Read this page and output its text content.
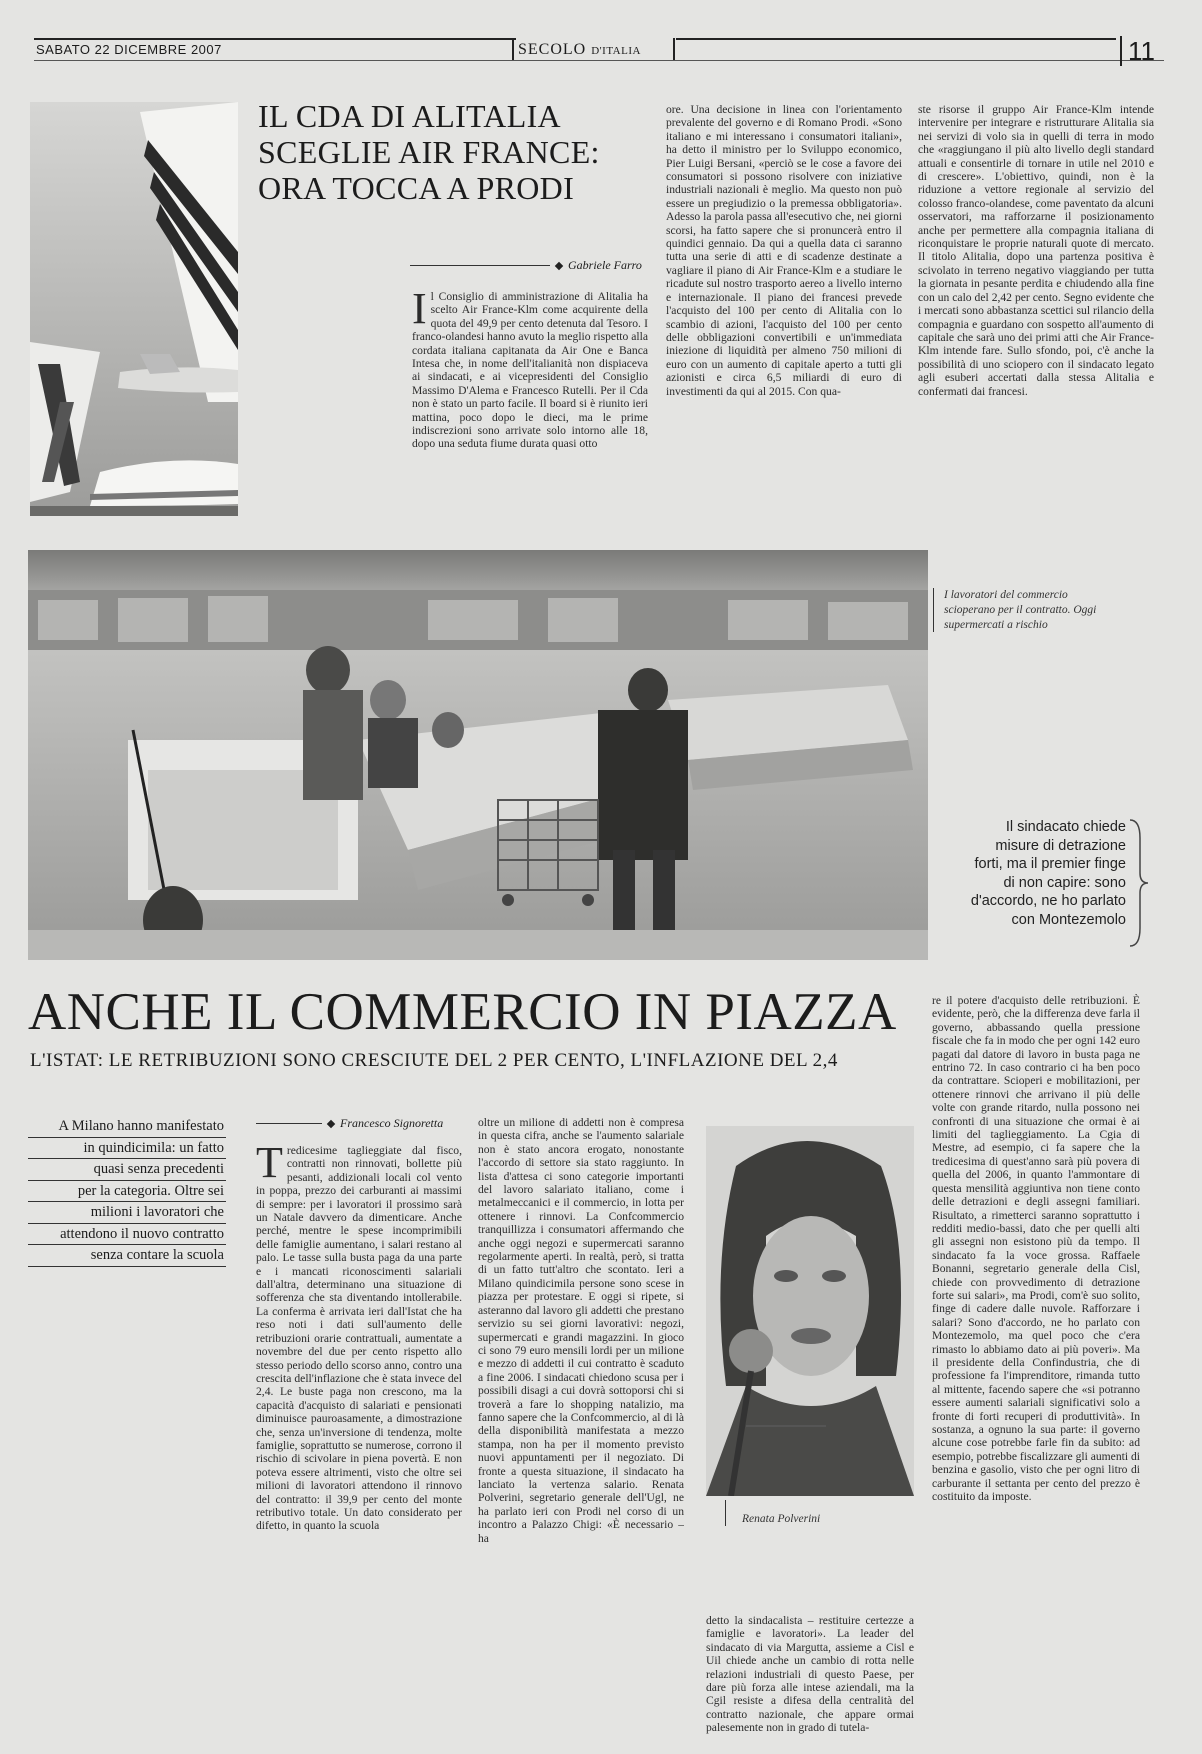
SABATO 22 DICEMBRE 2007	SECOLO D'ITALIA	11
IL CDA DI ALITALIA
SCEGLIE AIR FRANCE:
ORA TOCCA A PRODI
Gabriele Farro
Il Consiglio di amministrazione di Alitalia ha scelto Air France-Klm come acquirente della quota del 49,9 per cento detenuta dal Tesoro. I franco-olandesi hanno avuto la meglio rispetto alla cordata italiana capitanata da Air One e Banca Intesa che, in nome dell'italianità non dispiaceva ai sindacati, e ai vicepresidenti del Consiglio Massimo D'Alema e Francesco Rutelli. Per il Cda non è stato un parto facile. Il board si è riunito ieri mattina, poco dopo le dieci, ma le prime indiscrezioni sono arrivate solo intorno alle 18, dopo una seduta fiume durata quasi otto
ore. Una decisione in linea con l'orientamento prevalente del governo e di Romano Prodi. «Sono italiano e mi interessano i consumatori italiani», ha detto il ministro per lo Sviluppo economico, Pier Luigi Bersani, «perciò se le cose a favore dei consumatori si possono risolvere con iniziative industriali nazionali è meglio. Ma questo non può essere un pregiudizio o la premessa obbligatoria». Adesso la parola passa all'esecutivo che, nei giorni scorsi, ha fatto sapere che si pronuncerà entro il quindici gennaio. Da qui a quella data ci saranno tutta una serie di atti e di scadenze destinate a vagliare il piano di Air France-Klm e a studiare le ricadute sul nostro trasporto aereo a livello interno e internazionale. Il piano dei francesi prevede l'acquisto del 100 per cento di Alitalia con lo scambio di azioni, l'acquisto del 100 per cento delle obbligazioni convertibili e un'immediata iniezione di liquidità per almeno 750 milioni di euro con un aumento di capitale aperto a tutti gli azionisti e circa 6,5 miliardi di euro di investimenti da qui al 2015. Con qua-
ste risorse il gruppo Air France-Klm intende intervenire per integrare e ristrutturare Alitalia sia nei servizi di volo sia in quelli di terra in modo che «raggiungano il più alto livello degli standard attuali e consentirle di tornare in utile nel 2010 e di crescere». L'obiettivo, quindi, non è la riduzione a vettore regionale al servizio del colosso franco-olandese, come paventato da alcuni osservatori, ma rafforzarne il posizionamento anche per permettere alla compagnia italiana di riconquistare le proprie naturali quote di mercato. Il titolo Alitalia, dopo una partenza positiva è scivolato in terreno negativo viaggiando per tutta la giornata in pesante perdita e chiudendo alla fine con un calo del 2,42 per cento. Segno evidente che i mercati sono abbastanza scettici sul rilancio della compagnia e guardano con sospetto all'aumento di capitale che sarà uno dei primi atti che Air France-Klm intende fare. Sullo sfondo, poi, c'è anche la possibilità di uno sciopero con il sindacato legato agli esuberi accertati dalla stessa Alitalia e confermati dai francesi.
I lavoratori del commercio scioperano per il contratto. Oggi supermercati a rischio
Il sindacato chiede
misure di detrazione
forti, ma il premier finge
di non capire: sono
d'accordo, ne ho parlato
con Montezemolo
ANCHE IL COMMERCIO IN PIAZZA
L'ISTAT: LE RETRIBUZIONI SONO CRESCIUTE DEL 2 PER CENTO, L'INFLAZIONE DEL 2,4
A Milano hanno manifestato
in quindicimila: un fatto
quasi senza precedenti
per la categoria. Oltre sei
milioni i lavoratori che
attendono il nuovo contratto
senza contare la scuola
Francesco Signoretta
Tredicesime taglieggiate dal fisco, contratti non rinnovati, bollette più pesanti, addizionali locali col vento in poppa, prezzo dei carburanti ai massimi di sempre: per i lavoratori il prossimo sarà un Natale davvero da dimenticare. Anche perché, mentre le spese incomprimibili delle famiglie aumentano, i salari restano al palo. Le tasse sulla busta paga da una parte e i mancati riconoscimenti salariali dall'altra, determinano una situazione di sofferenza che sta diventando intollerabile. La conferma è arrivata ieri dall'Istat che ha reso noti i dati sull'aumento delle retribuzioni orarie contrattuali, aumentate a novembre del due per cento rispetto allo stesso periodo dello scorso anno, contro una crescita dell'inflazione che è stata invece del 2,4. Le buste paga non crescono, ma la capacità d'acquisto di salariati e pensionati diminuisce pauroasamente, a dimostrazione che, senza un'inversione di tendenza, molte famiglie, soprattutto se numerose, corrono il rischio di scivolare in piena povertà. E non poteva essere altrimenti, visto che oltre sei milioni di lavoratori attendono il rinnovo del contratto: il 39,9 per cento del monte retributivo totale. Un dato considerato per difetto, in quanto la scuola
oltre un milione di addetti non è compresa in questa cifra, anche se l'aumento salariale non è stato ancora erogato, nonostante l'accordo di settore sia stato raggiunto. In lista d'attesa ci sono categorie importanti del lavoro salariato italiano, come i metalmeccanici e il commercio, in lotta per ottenere i rinnovi. La Confcommercio tranquillizza i consumatori affermando che anche oggi negozi e supermercati saranno regolarmente aperti. In realtà, però, si tratta di un fatto tutt'altro che scontato. Ieri a Milano quindicimila persone sono scese in piazza per protestare. E oggi si ripete, si asteranno dal lavoro gli addetti che prestano servizio su sei giorni lavorativi: negozi, supermercati e grandi magazzini. In gioco ci sono 79 euro mensili lordi per un milione e mezzo di addetti il cui contratto è scaduto a fine 2006. I sindacati chiedono scusa per i possibili disagi a cui dovrà sottoporsi chi si troverà a fare lo shopping natalizio, ma fanno sapere che la Confcommercio, al di là della disponibilità manifestata a mezzo stampa, non ha per il momento previsto nuovi appuntamenti per il negoziato. Di fronte a questa situazione, il sindacato ha lanciato la vertenza salario. Renata Polverini, segretario generale dell'Ugl, ne ha parlato ieri con Prodi nel corso di un incontro a Palazzo Chigi: «È necessario – ha
Renata Polverini
detto la sindacalista – restituire certezze a famiglie e lavoratori». La leader del sindacato di via Margutta, assieme a Cisl e Uil chiede anche un cambio di rotta nelle relazioni industriali di questo Paese, per dare più forza alle intese aziendali, ma la Cgil resiste a difesa della centralità del contratto nazionale, che appare ormai palesemente non in grado di tutela-
re il potere d'acquisto delle retribuzioni. È evidente, però, che la differenza deve farla il governo, abbassando quella pressione fiscale che fa in modo che per ogni 142 euro pagati dal datore di lavoro in busta paga ne entrino 72. In caso contrario ci ha ben poco da contrattare. Scioperi e mobilitazioni, per ottenere rinnovi che arrivano il più delle volte con grande ritardo, nulla possono nei confronti di una situazione che ormai è ai limiti del taglieggiamento. La Cgia di Mestre, ad esempio, ci fa sapere che la tredicesima di quest'anno sarà più povera di quella del 2006, in quanto l'ammontare di questa mensilità aggiuntiva non tiene conto delle detrazioni e degli assegni familiari. Risultato, a rimetterci saranno soprattutto i redditi medio-bassi, dato che per quelli alti gli assegni non esistono più da tempo. Il sindacato fa la voce grossa. Raffaele Bonanni, segretario generale della Cisl, chiede con provvedimento di detrazione forte sui salari», ma Prodi, com'è suo solito, finge di cadere dalle nuvole. Rafforzare i salari? Sono d'accordo, ne ho parlato con Montezemolo, ma quel poco che c'era rimasto lo abbiamo dato ai più poveri». Ma il presidente della Confindustria, che di professione fa l'imprenditore, rimanda tutto al mittente, facendo sapere che «si potranno essere aumenti salariali significativi solo a fronte di forti recuperi di produttività». In sostanza, a ognuno la sua parte: il governo alcune cose potrebbe farle fin da subito: ad esempio, potrebbe fiscalizzare gli aumenti di benzina e gasolio, visto che per ogni litro di carburante il settanta per cento del prezzo è costituito da imposte.
